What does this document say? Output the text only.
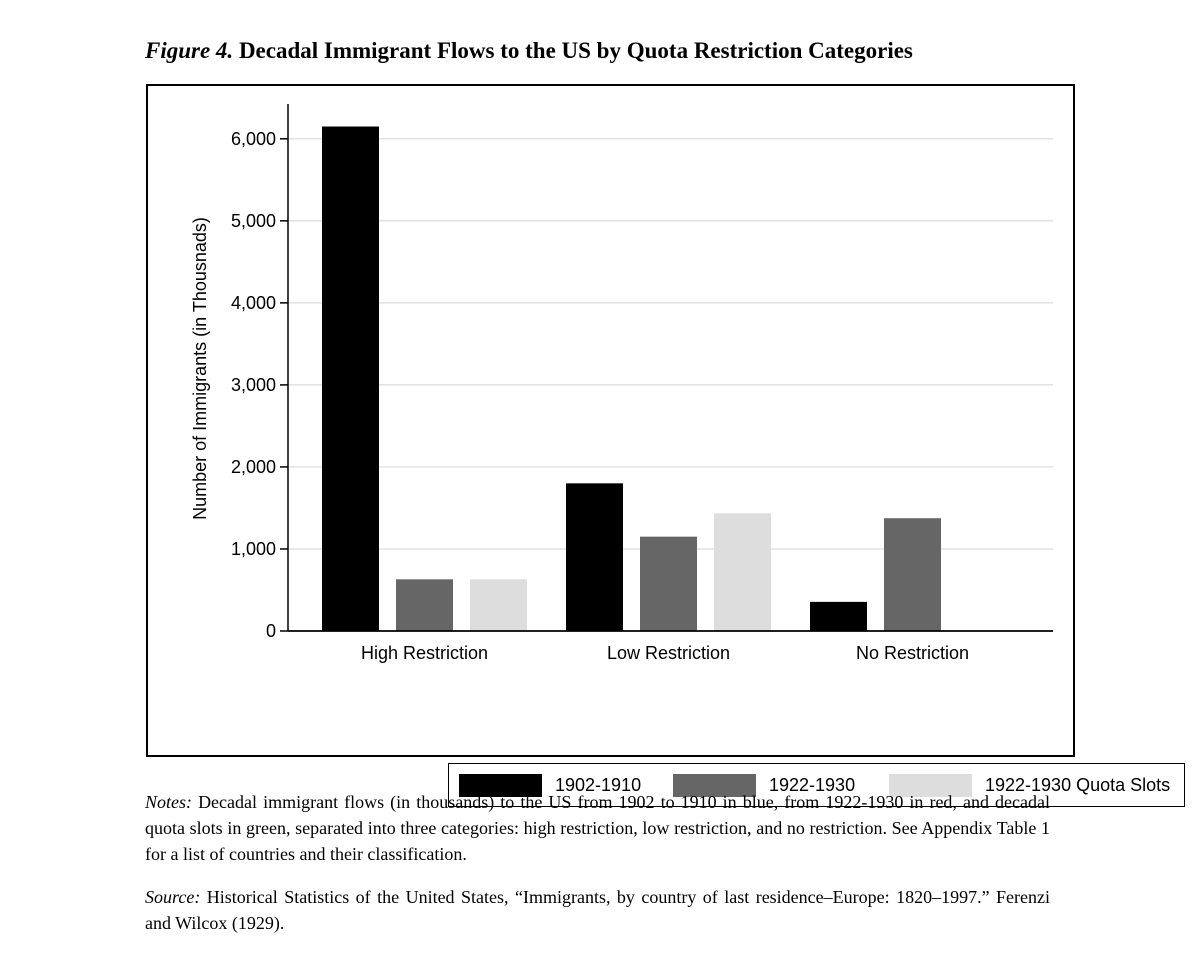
Figure 4. Decadal Immigrant Flows to the US by Quota Restriction Categories
0
1,000
2,000
3,000
4,000
5,000
6,000
Number of Immigrants (in Thousnads)
High Restriction	Low Restriction	No Restriction
1902-1910	1922-1930	1922-1930 Quota Slots

Notes: Decadal immigrant flows (in thousands) to the US from 1902 to 1910 in blue, from 1922-1930 in red, and decadal quota slots in green, separated into three categories: high restriction, low restriction, and no restriction. See Appendix Table 1 for a list of countries and their classification.

Source: Historical Statistics of the United States, “Immigrants, by country of last residence–Europe: 1820–1997.” Ferenzi and Wilcox (1929).
